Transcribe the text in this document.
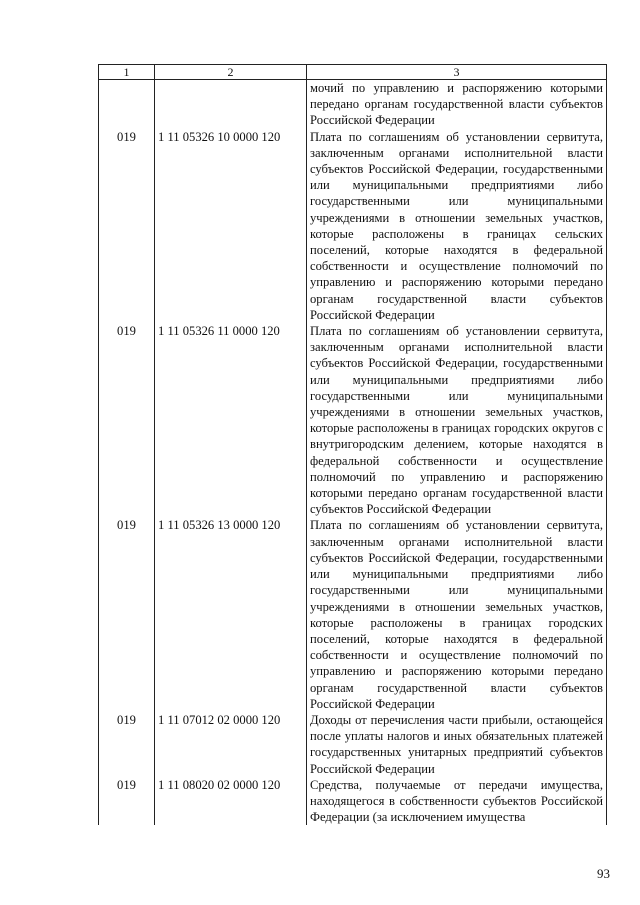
1	2	3
		мочий по управлению и распоряжению которыми передано органам государственной власти субъектов Российской Федерации
019	1 11 05326 10 0000 120	Плата по соглашениям об установлении сервитута, заключенным органами исполнительной власти субъектов Российской Федерации, государственными или муниципальными предприятиями либо государственными или муниципальными учреждениями в отношении земельных участков, которые расположены в границах сельских поселений, которые находятся в федеральной собственности и осуществление полномочий по управлению и распоряжению которыми передано органам государственной власти субъектов Российской Федерации
019	1 11 05326 11 0000 120	Плата по соглашениям об установлении сервитута, заключенным органами исполнительной власти субъектов Российской Федерации, государственными или муниципальными предприятиями либо государственными или муниципальными учреждениями в отношении земельных участков, которые расположены в границах городских округов с внутригородским делением, которые находятся в федеральной собственности и осуществление полномочий по управлению и распоряжению которыми передано органам государственной власти субъектов Российской Федерации
019	1 11 05326 13 0000 120	Плата по соглашениям об установлении сервитута, заключенным органами исполнительной власти субъектов Российской Федерации, государственными или муниципальными предприятиями либо государственными или муниципальными учреждениями в отношении земельных участков, которые расположены в границах городских поселений, которые находятся в федеральной собственности и осуществление полномочий по управлению и распоряжению которыми передано органам государственной власти субъектов Российской Федерации
019	1 11 07012 02 0000 120	Доходы от перечисления части прибыли, остающейся после уплаты налогов и иных обязательных платежей государственных унитарных предприятий субъектов Российской Федерации
019	1 11 08020 02 0000 120	Средства, получаемые от передачи имущества, находящегося в собственности субъектов Российской Федерации (за исключением имущества
93
